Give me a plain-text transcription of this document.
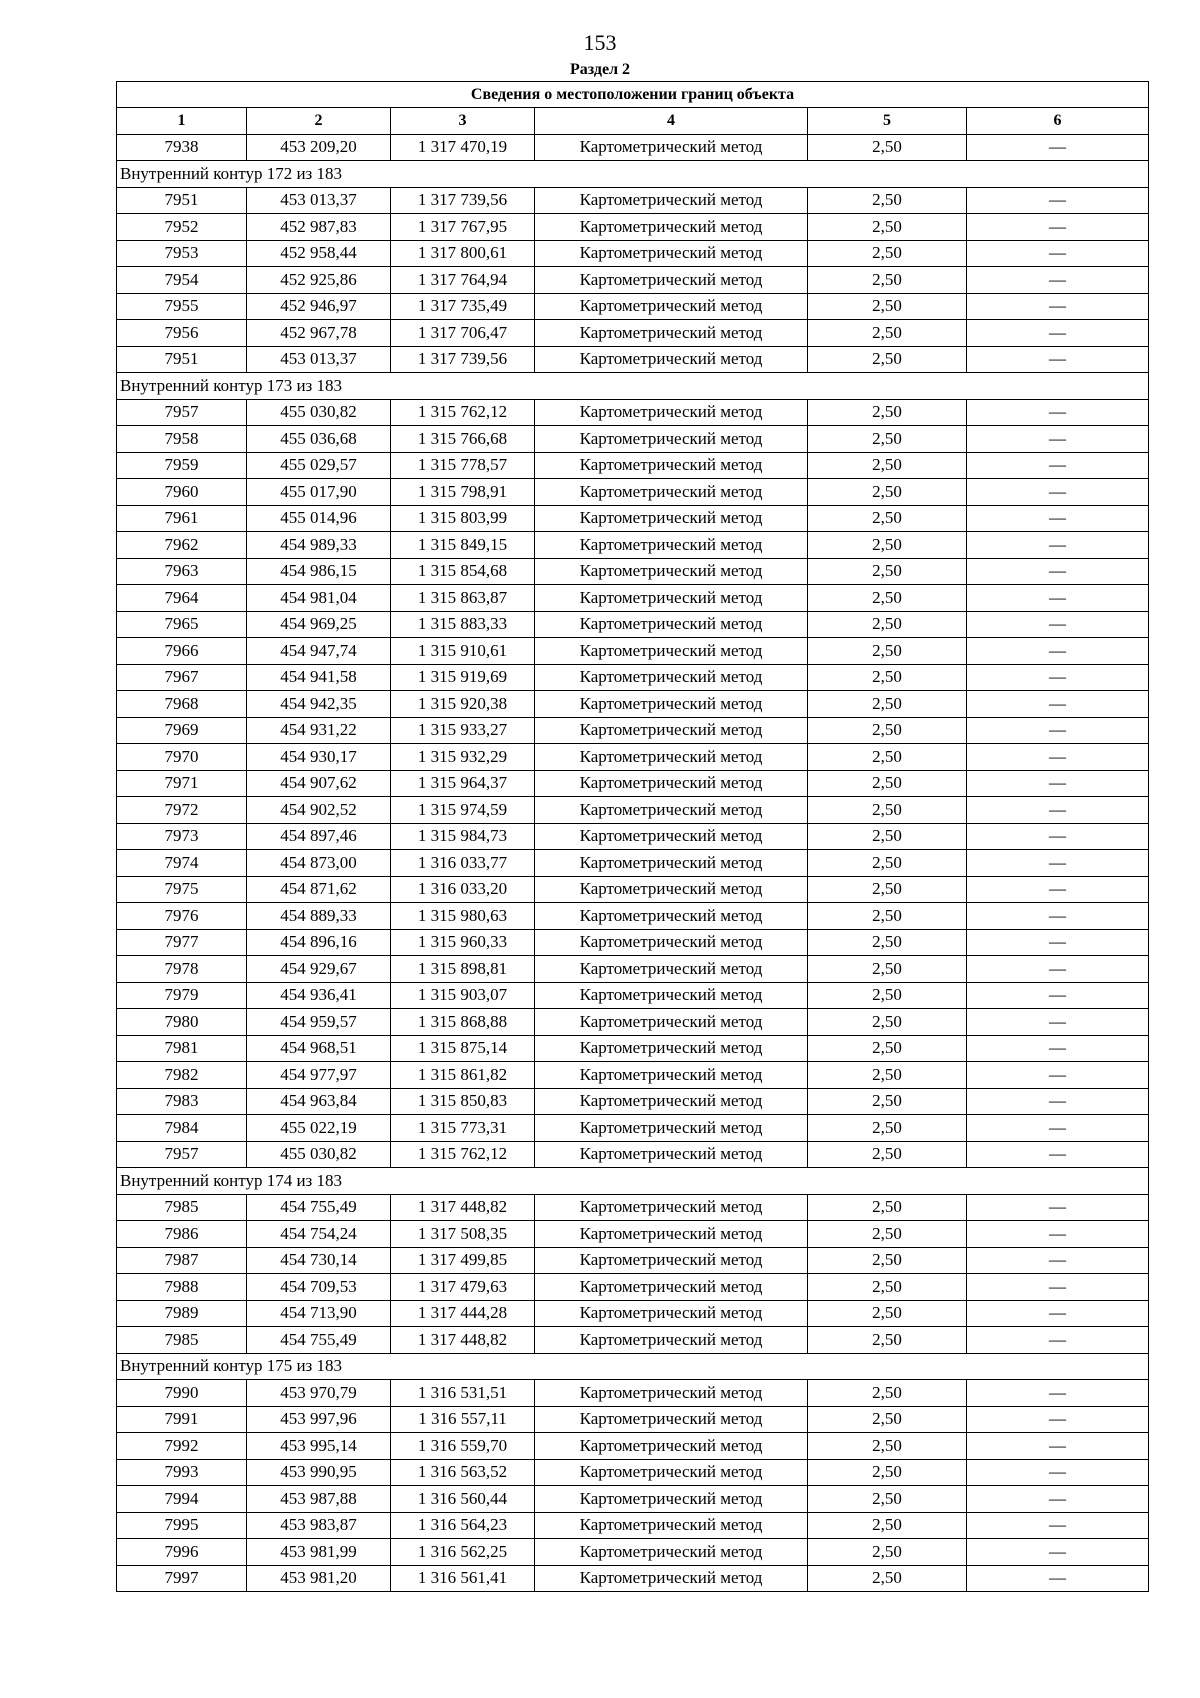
153
Раздел 2
Сведения о местоположении границ объекта					
1	2	3	4	5	6
7938	453 209,20	1 317 470,19	Картометрический метод	2,50	—
Внутренний контур 172 из 183					
7951	453 013,37	1 317 739,56	Картометрический метод	2,50	—
7952	452 987,83	1 317 767,95	Картометрический метод	2,50	—
7953	452 958,44	1 317 800,61	Картометрический метод	2,50	—
7954	452 925,86	1 317 764,94	Картометрический метод	2,50	—
7955	452 946,97	1 317 735,49	Картометрический метод	2,50	—
7956	452 967,78	1 317 706,47	Картометрический метод	2,50	—
7951	453 013,37	1 317 739,56	Картометрический метод	2,50	—
Внутренний контур 173 из 183					
7957	455 030,82	1 315 762,12	Картометрический метод	2,50	—
7958	455 036,68	1 315 766,68	Картометрический метод	2,50	—
7959	455 029,57	1 315 778,57	Картометрический метод	2,50	—
7960	455 017,90	1 315 798,91	Картометрический метод	2,50	—
7961	455 014,96	1 315 803,99	Картометрический метод	2,50	—
7962	454 989,33	1 315 849,15	Картометрический метод	2,50	—
7963	454 986,15	1 315 854,68	Картометрический метод	2,50	—
7964	454 981,04	1 315 863,87	Картометрический метод	2,50	—
7965	454 969,25	1 315 883,33	Картометрический метод	2,50	—
7966	454 947,74	1 315 910,61	Картометрический метод	2,50	—
7967	454 941,58	1 315 919,69	Картометрический метод	2,50	—
7968	454 942,35	1 315 920,38	Картометрический метод	2,50	—
7969	454 931,22	1 315 933,27	Картометрический метод	2,50	—
7970	454 930,17	1 315 932,29	Картометрический метод	2,50	—
7971	454 907,62	1 315 964,37	Картометрический метод	2,50	—
7972	454 902,52	1 315 974,59	Картометрический метод	2,50	—
7973	454 897,46	1 315 984,73	Картометрический метод	2,50	—
7974	454 873,00	1 316 033,77	Картометрический метод	2,50	—
7975	454 871,62	1 316 033,20	Картометрический метод	2,50	—
7976	454 889,33	1 315 980,63	Картометрический метод	2,50	—
7977	454 896,16	1 315 960,33	Картометрический метод	2,50	—
7978	454 929,67	1 315 898,81	Картометрический метод	2,50	—
7979	454 936,41	1 315 903,07	Картометрический метод	2,50	—
7980	454 959,57	1 315 868,88	Картометрический метод	2,50	—
7981	454 968,51	1 315 875,14	Картометрический метод	2,50	—
7982	454 977,97	1 315 861,82	Картометрический метод	2,50	—
7983	454 963,84	1 315 850,83	Картометрический метод	2,50	—
7984	455 022,19	1 315 773,31	Картометрический метод	2,50	—
7957	455 030,82	1 315 762,12	Картометрический метод	2,50	—
Внутренний контур 174 из 183					
7985	454 755,49	1 317 448,82	Картометрический метод	2,50	—
7986	454 754,24	1 317 508,35	Картометрический метод	2,50	—
7987	454 730,14	1 317 499,85	Картометрический метод	2,50	—
7988	454 709,53	1 317 479,63	Картометрический метод	2,50	—
7989	454 713,90	1 317 444,28	Картометрический метод	2,50	—
7985	454 755,49	1 317 448,82	Картометрический метод	2,50	—
Внутренний контур 175 из 183					
7990	453 970,79	1 316 531,51	Картометрический метод	2,50	—
7991	453 997,96	1 316 557,11	Картометрический метод	2,50	—
7992	453 995,14	1 316 559,70	Картометрический метод	2,50	—
7993	453 990,95	1 316 563,52	Картометрический метод	2,50	—
7994	453 987,88	1 316 560,44	Картометрический метод	2,50	—
7995	453 983,87	1 316 564,23	Картометрический метод	2,50	—
7996	453 981,99	1 316 562,25	Картометрический метод	2,50	—
7997	453 981,20	1 316 561,41	Картометрический метод	2,50	—
